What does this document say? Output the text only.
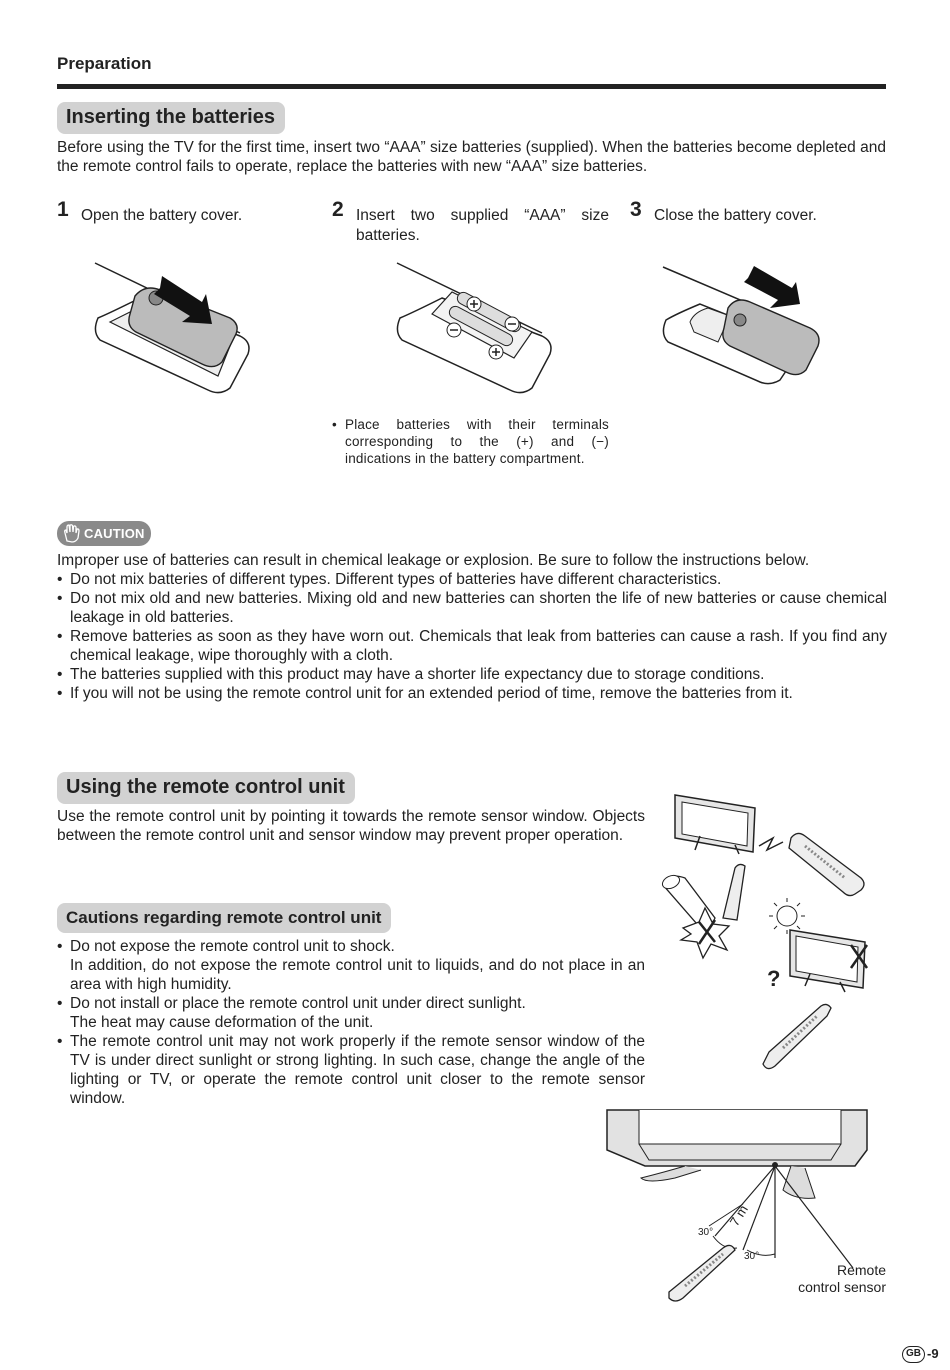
Preparation
Inserting the batteries
Before using the TV for the first time, insert two “AAA” size batteries (supplied). When the batteries become depleted and the remote control fails to operate, replace the batteries with new “AAA” size batteries.
1 Open the battery cover.	2 Insert two supplied “AAA” size batteries.
3 Close the battery cover.
• Place batteries with their terminals corresponding to the (+) and (−) indications in the battery compartment.
CAUTION
Improper use of batteries can result in chemical leakage or explosion. Be sure to follow the instructions below.
• Do not mix batteries of different types. Different types of batteries have different characteristics.
• Do not mix old and new batteries. Mixing old and new batteries can shorten the life of new batteries or cause chemical leakage in old batteries.
• Remove batteries as soon as they have worn out. Chemicals that leak from batteries can cause a rash. If you find any chemical leakage, wipe thoroughly with a cloth.
• The batteries supplied with this product may have a shorter life expectancy due to storage conditions.
• If you will not be using the remote control unit for an extended period of time, remove the batteries from it.
Using the remote control unit
Use the remote control unit by pointing it towards the remote sensor window. Objects between the remote control unit and sensor window may prevent proper operation.
Cautions regarding remote control unit
• Do not expose the remote control unit to shock.
In addition, do not expose the remote control unit to liquids, and do not place in an area with high humidity.
• Do not install or place the remote control unit under direct sunlight.
The heat may cause deformation of the unit.
• The remote control unit may not work properly if the remote sensor window of the TV is under direct sunlight or strong lighting. In such case, change the angle of the lighting or TV, or operate the remote control unit closer to the remote sensor window.
?
7 m
30°
30°
Remote
control sensor
GB -9
